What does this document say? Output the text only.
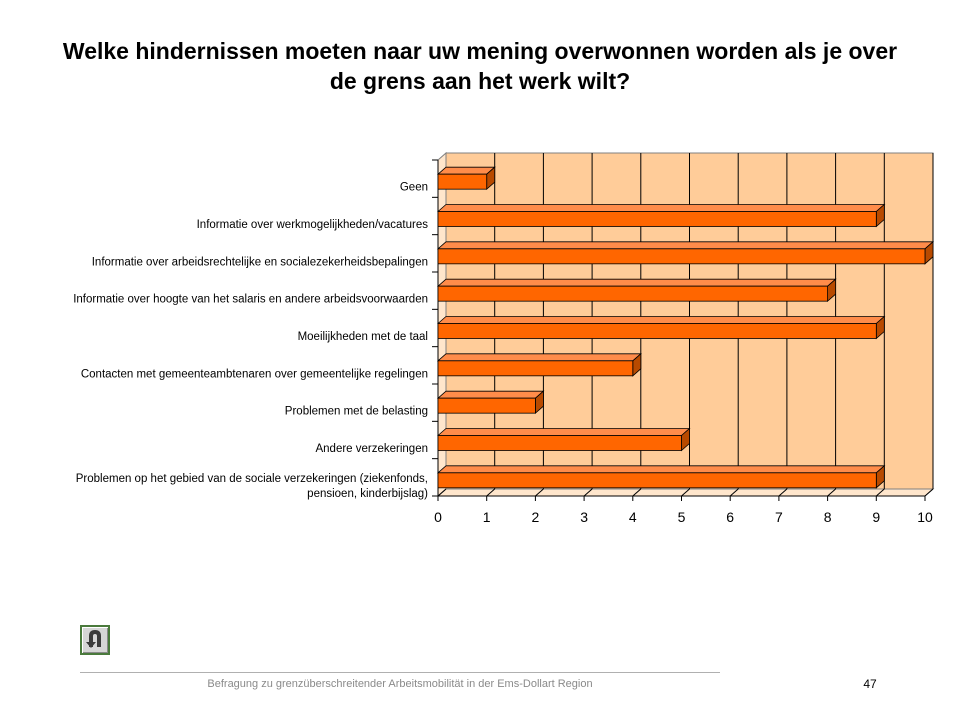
Welke hindernissen moeten naar uw mening overwonnen worden als je over
de grens aan het werk wilt?
0	1	2	3	4	5	6	7	8	9	10
Geen
Informatie over werkmogelijkheden/vacatures
Informatie over arbeidsrechtelijke en socialezekerheidsbepalingen
Informatie over hoogte van het salaris en andere arbeidsvoorwaarden
Moeilijkheden met de taal
Contacten met gemeenteambtenaren over gemeentelijke regelingen
Problemen met de belasting
Andere verzekeringen
Problemen op het gebied van de sociale verzekeringen (ziekenfonds, pensioen, kinderbijslag)
Befragung zu grenzüberschreitender Arbeitsmobilität in der Ems-Dollart Region	47
